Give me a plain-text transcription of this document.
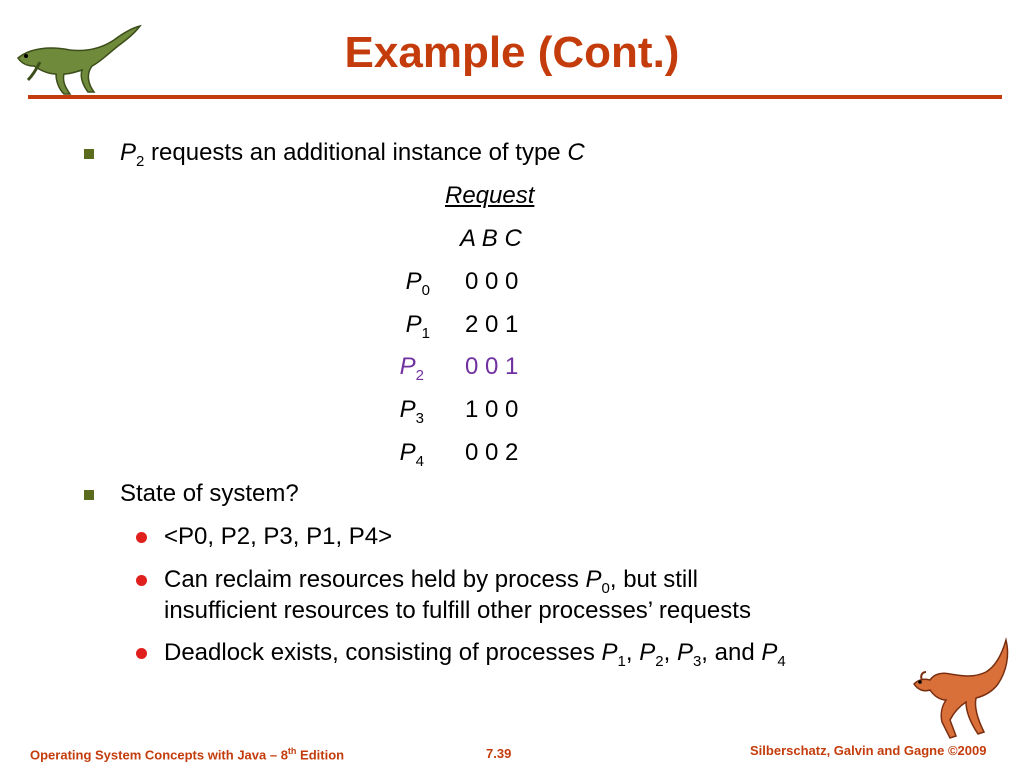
Example (Cont.)
$P_2$ requests an additional instance of type C
Request
A B C
$P_0$ 0 0 0
$P_1$ 2 0 1
$P_2$ 0 0 1
$P_3$ 1 0 0
$P_4$ 0 0 2
State of system?
<P0, P2, P3, P1, P4>
Can reclaim resources held by process $P_0$, but still
insufficient resources to fulfill other processes’ requests
Deadlock exists, consisting of processes $P_1$, $P_2$, $P_3$, and $P_4$
Operating System Concepts with Java – 8th Edition	7.39	Silberschatz, Galvin and Gagne ©2009
